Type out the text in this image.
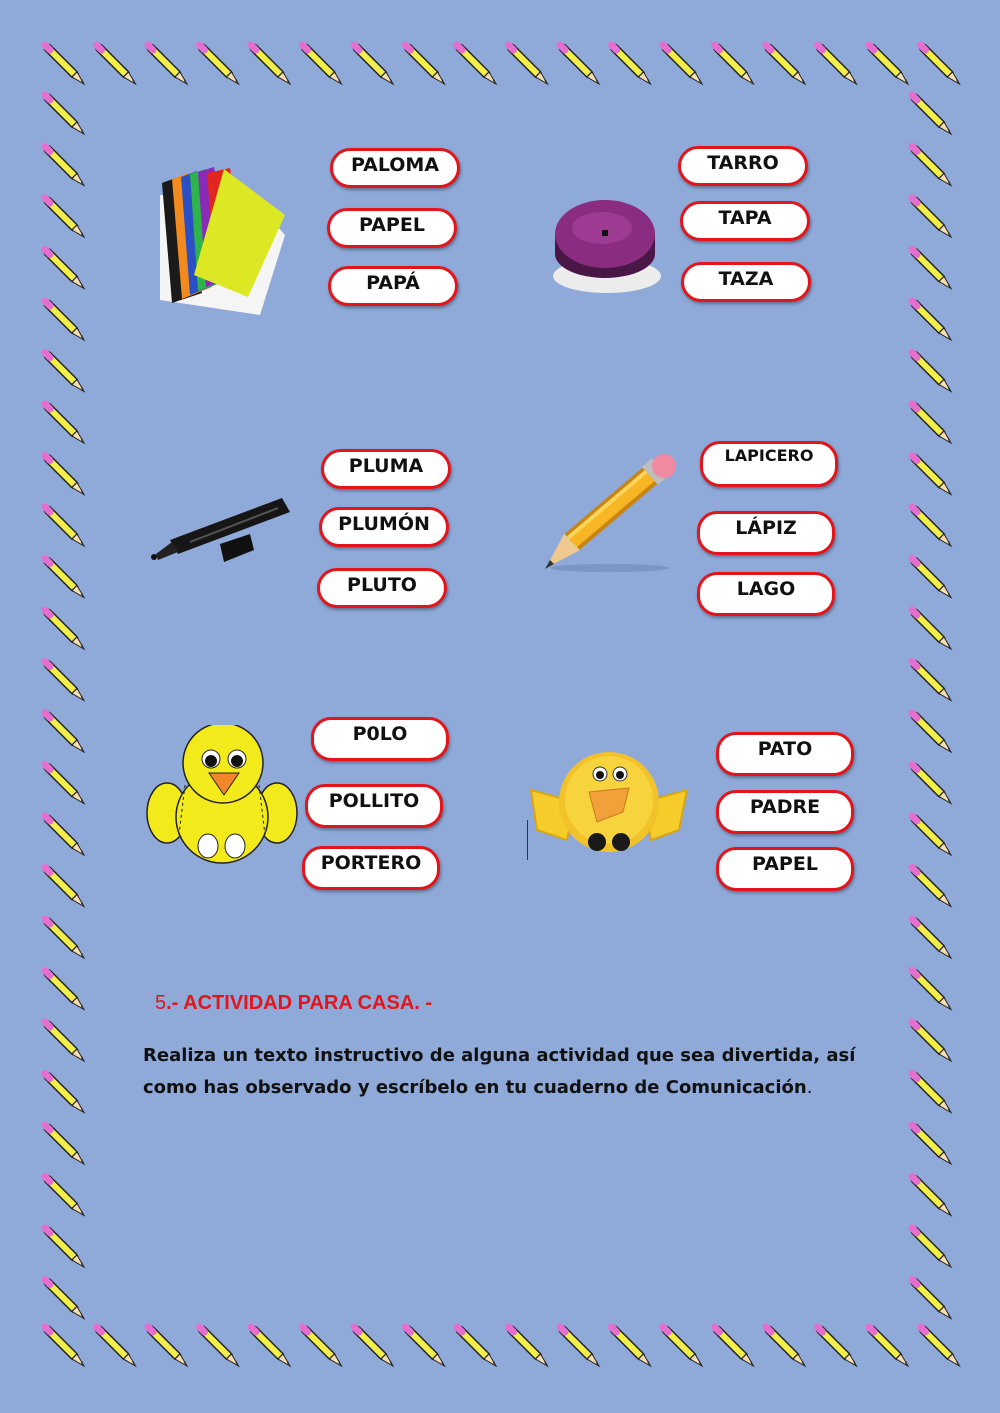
PALOMA
PAPEL
PAPÁ
TARRO
TAPA
TAZA
PLUMA
PLUMÓN
PLUTO
LAPICERO
LÁPIZ
LAGO
P0LO
POLLITO
PORTERO
PATO
PADRE
PAPEL
5.- ACTIVIDAD PARA CASA. -

Realiza un texto instructivo de alguna actividad que sea divertida, así
como has observado y escríbelo en tu cuaderno de Comunicación.
